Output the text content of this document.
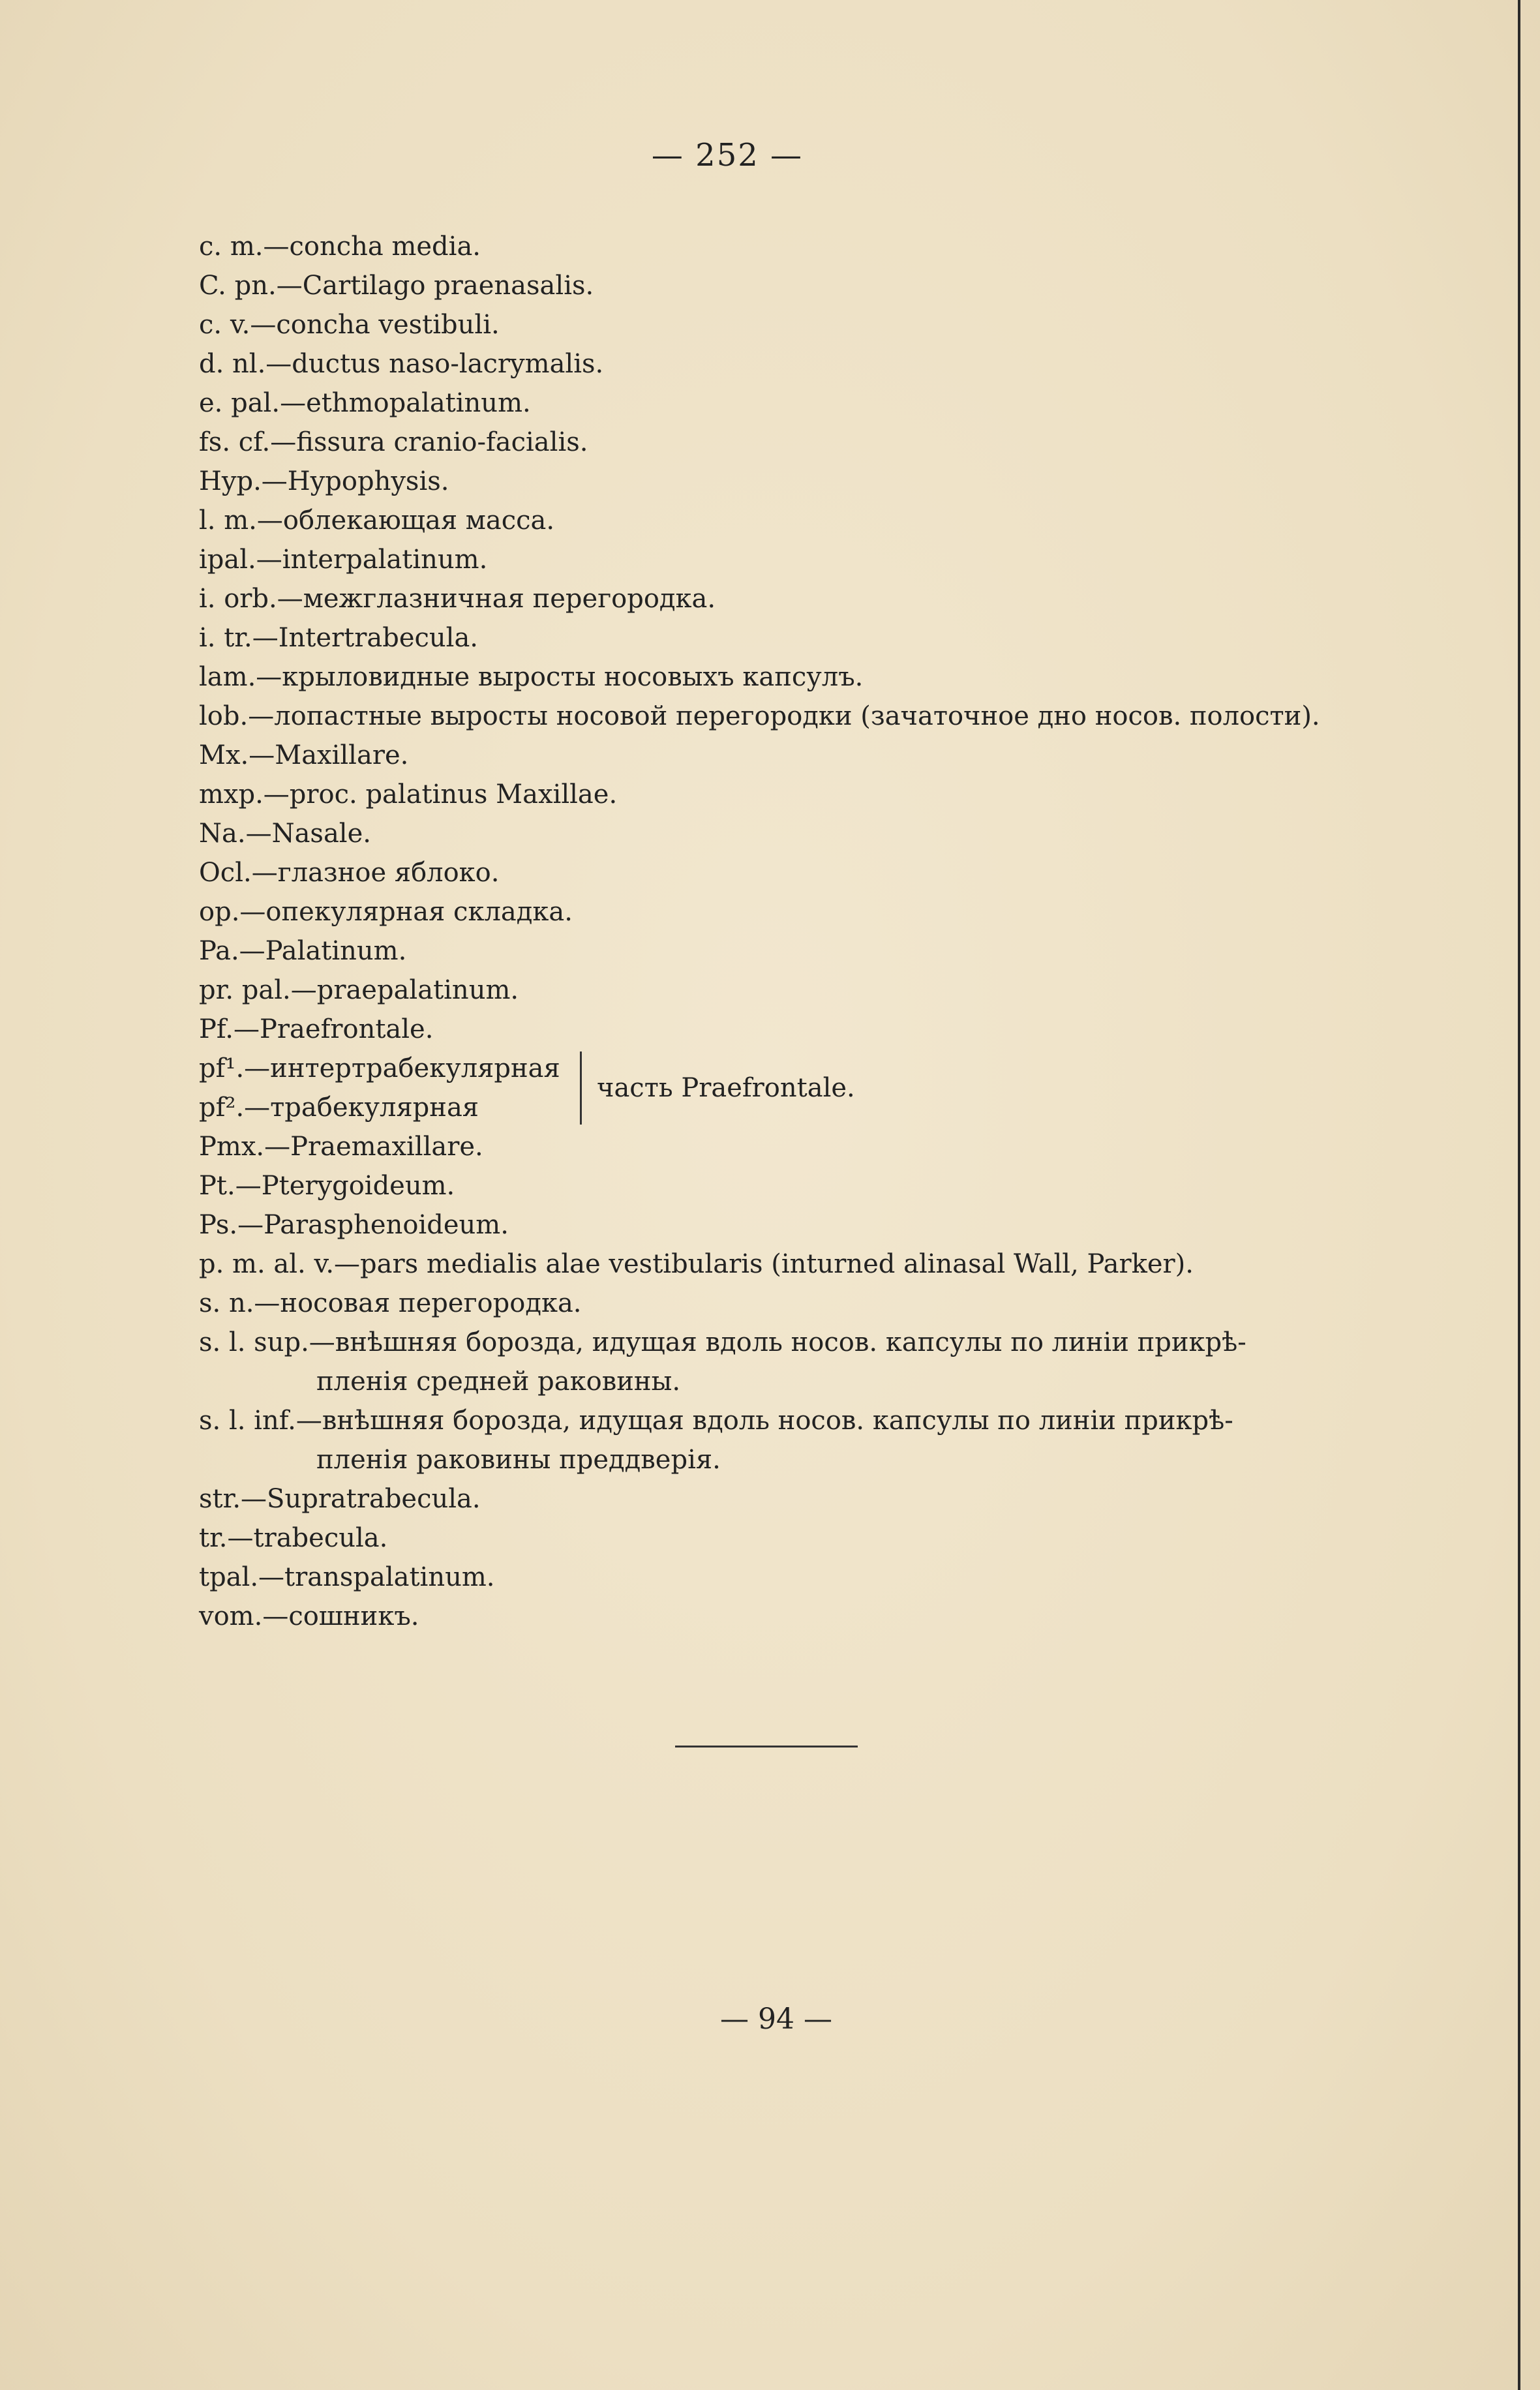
— 252 —
c. m.—concha media.
C. pn.—Cartilago praenasalis.
c. v.—concha vestibuli.
d. nl.—ductus naso-lacrymalis.
e. pal.—ethmopalatinum.
fs. cf.—fissura cranio-facialis.
Hyp.—Hypophysis.
l. m.—облекающая масса.
ipal.—interpalatinum.
i. orb.—межглазничная перегородка.
i. tr.—Intertrabecula.
lam.—крыловидные выросты носовыхъ капсулъ.
lob.—лопастные выросты носовой перегородки (зачаточное дно носов. полости).
Mx.—Maxillare.
mxp.—proc. palatinus Maxillae.
Na.—Nasale.
Ocl.—глазное яблоко.
op.—опекулярная складка.
Pa.—Palatinum.
pr. pal.—praepalatinum.
Pf.—Praefrontale.
pf¹.—интертрабекулярная
pf².—трабекулярная
часть Praefrontale.
Pmx.—Praemaxillare.
Pt.—Pterygoideum.
Ps.—Parasphenoideum.
p. m. al. v.—pars medialis alae vestibularis (inturned alinasal Wall, Parker).
s. n.—носовая перегородка.
s. l. sup.—внѣшняя борозда, идущая вдоль носов. капсулы по линіи прикрѣ-
пленія средней раковины.
s. l. inf.—внѣшняя борозда, идущая вдоль носов. капсулы по линіи прикрѣ-
пленія раковины преддверія.
str.—Supratrabecula.
tr.—trabecula.
tpal.—transpalatinum.
vom.—сошникъ.
— 94 —
